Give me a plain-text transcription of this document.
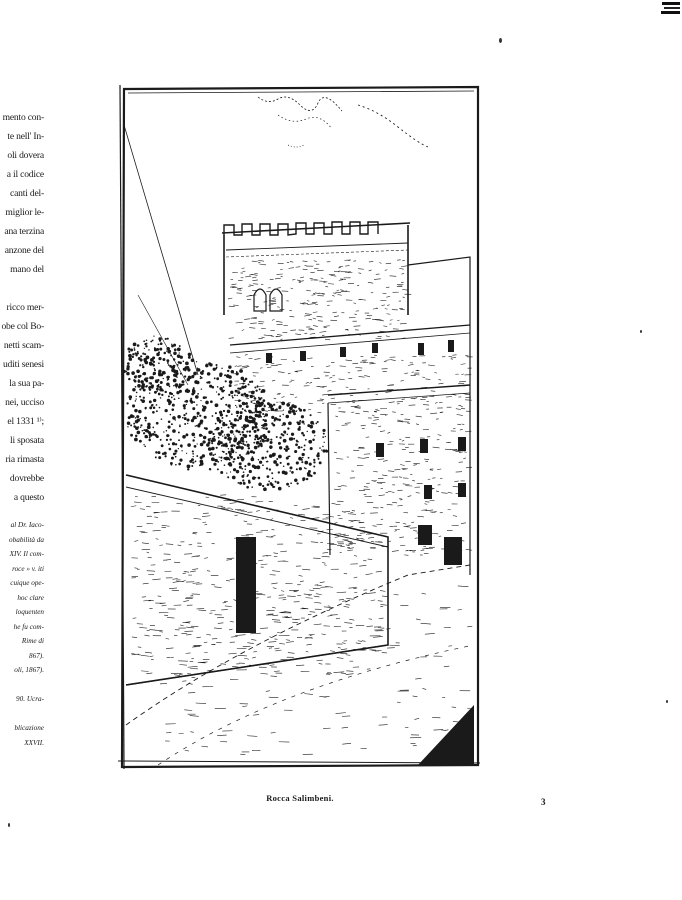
mento con-
te nell' In-
oli dovera
a il codice
canti del-
miglior le-
ana terzina
anzone del
mano del

ricco mer-
obe col Bo-
netti scam-
uditi senesi
la sua pa-
nei, ucciso
el 1331 ¹⁾;
li sposata
ria rimasta
dovrebbe
a questo
al Dr. Iaco-
obabilità da
XIV. Il com-
roce » v. iti
cuique ope-
hoc clare
loquenten
he fu com-
Rime di
867).
oli, 1867).

90. Ucra-

blicazione
XXVII.
Rocca Salimbeni.	3
